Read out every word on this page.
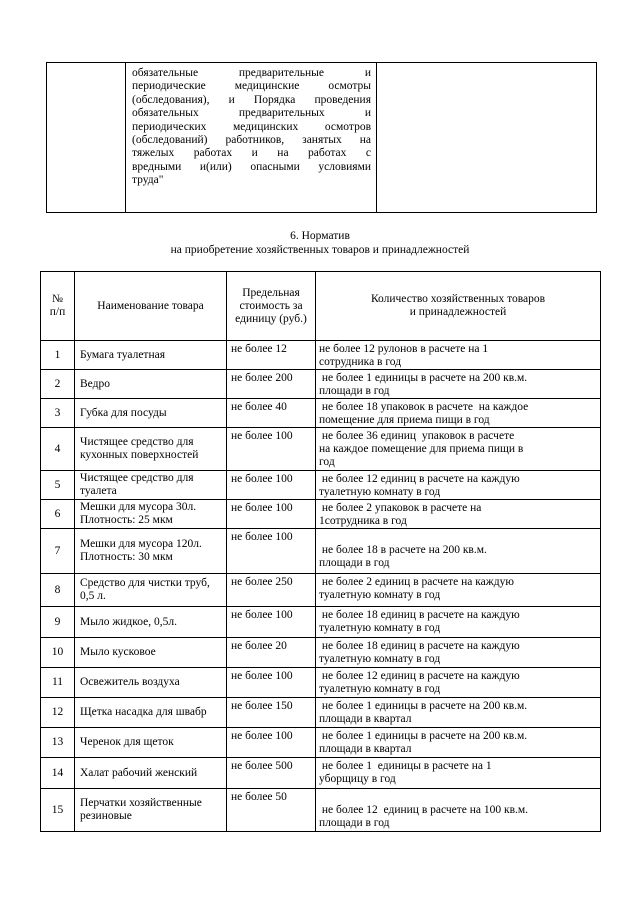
обязательные предварительные и
периодические медицинские осмотры
(обследования), и Порядка проведения
обязательных предварительных и
периодических медицинских осмотров
(обследований) работников, занятых на
тяжелых работах и на работах с
вредными и(или) опасными условиями
труда"

6. Норматив
на приобретение хозяйственных товаров и принадлежностей
№ п/п	Наименование товара	Предельная стоимость за единицу (руб.)	Количество хозяйственных товаров и принадлежностей

1	Бумага туалетная	не более 12	не более 12 рулонов в расчете на 1
сотрудника в год

2	Ведро	не более 200	не более 1 единицы в расчете на 200 кв.м.
площади в год

3	Губка для посуды	не более 40	не более 18 упаковок в расчете  на каждое
помещение для приема пищи в год

4	Чистящее средство для кухонных поверхностей	не более 100	не более 36 единиц  упаковок в расчете
на каждое помещение для приема пищи в
год

5	Чистящее средство для туалета	не более 100	не более 12 единиц в расчете на каждую
туалетную комнату в год

6	Мешки для мусора 30л. Плотность: 25 мкм	не более 100	не более 2 упаковок в расчете на
1сотрудника в год

7	Мешки для мусора 120л. Плотность: 30 мкм	не более 100	не более 18 в расчете на 200 кв.м.
площади в год

8	Средство для чистки труб, 0,5 л.	не более 250	не более 2 единиц в расчете на каждую
туалетную комнату в год

9	Мыло жидкое, 0,5л.	не более 100	не более 18 единиц в расчете на каждую
туалетную комнату в год

10	Мыло кусковое	не более 20	не более 18 единиц в расчете на каждую
туалетную комнату в год

11	Освежитель воздуха	не более 100	не более 12 единиц в расчете на каждую
туалетную комнату в год

12	Щетка насадка для швабр	не более 150	не более 1 единицы в расчете на 200 кв.м.
площади в квартал

13	Черенок для щеток	не более 100	не более 1 единицы в расчете на 200 кв.м.
площади в квартал

14	Халат рабочий женский	не более 500	не более 1  единицы в расчете на 1
уборщицу в год

15	Перчатки хозяйственные резиновые	не более 50	не более 12  единиц в расчете на 100 кв.м.
площади в год
